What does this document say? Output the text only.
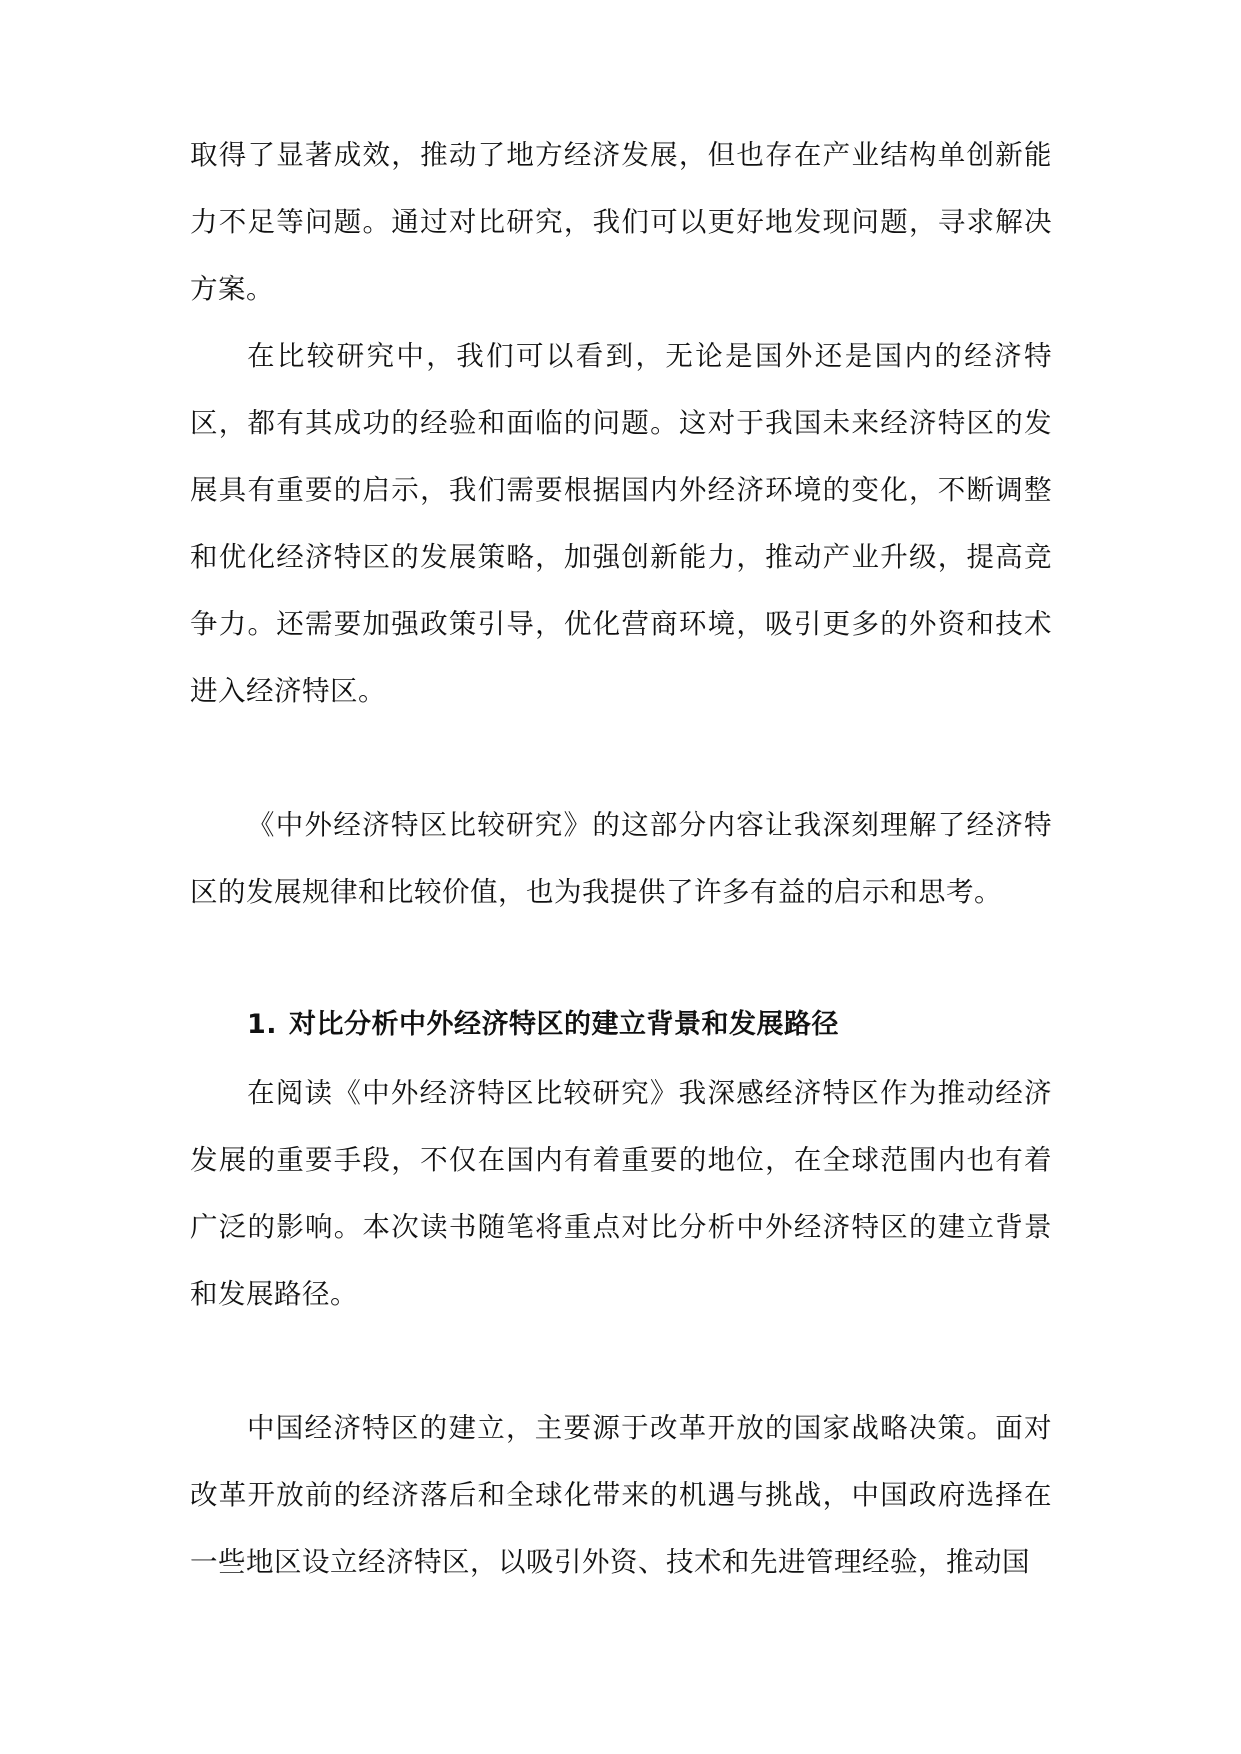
取得了显著成效，推动了地方经济发展，但也存在产业结构单创新能力不足等问题。通过对比研究，我们可以更好地发现问题，寻求解决方案。

在比较研究中，我们可以看到，无论是国外还是国内的经济特区，都有其成功的经验和面临的问题。这对于我国未来经济特区的发展具有重要的启示，我们需要根据国内外经济环境的变化，不断调整和优化经济特区的发展策略，加强创新能力，推动产业升级，提高竞争力。还需要加强政策引导，优化营商环境，吸引更多的外资和技术进入经济特区。

《中外经济特区比较研究》的这部分内容让我深刻理解了经济特区的发展规律和比较价值，也为我提供了许多有益的启示和思考。

1. 对比分析中外经济特区的建立背景和发展路径

在阅读《中外经济特区比较研究》我深感经济特区作为推动经济发展的重要手段，不仅在国内有着重要的地位，在全球范围内也有着广泛的影响。本次读书随笔将重点对比分析中外经济特区的建立背景和发展路径。

中国经济特区的建立，主要源于改革开放的国家战略决策。面对改革开放前的经济落后和全球化带来的机遇与挑战，中国政府选择在一些地区设立经济特区，以吸引外资、技术和先进管理经验，推动国
